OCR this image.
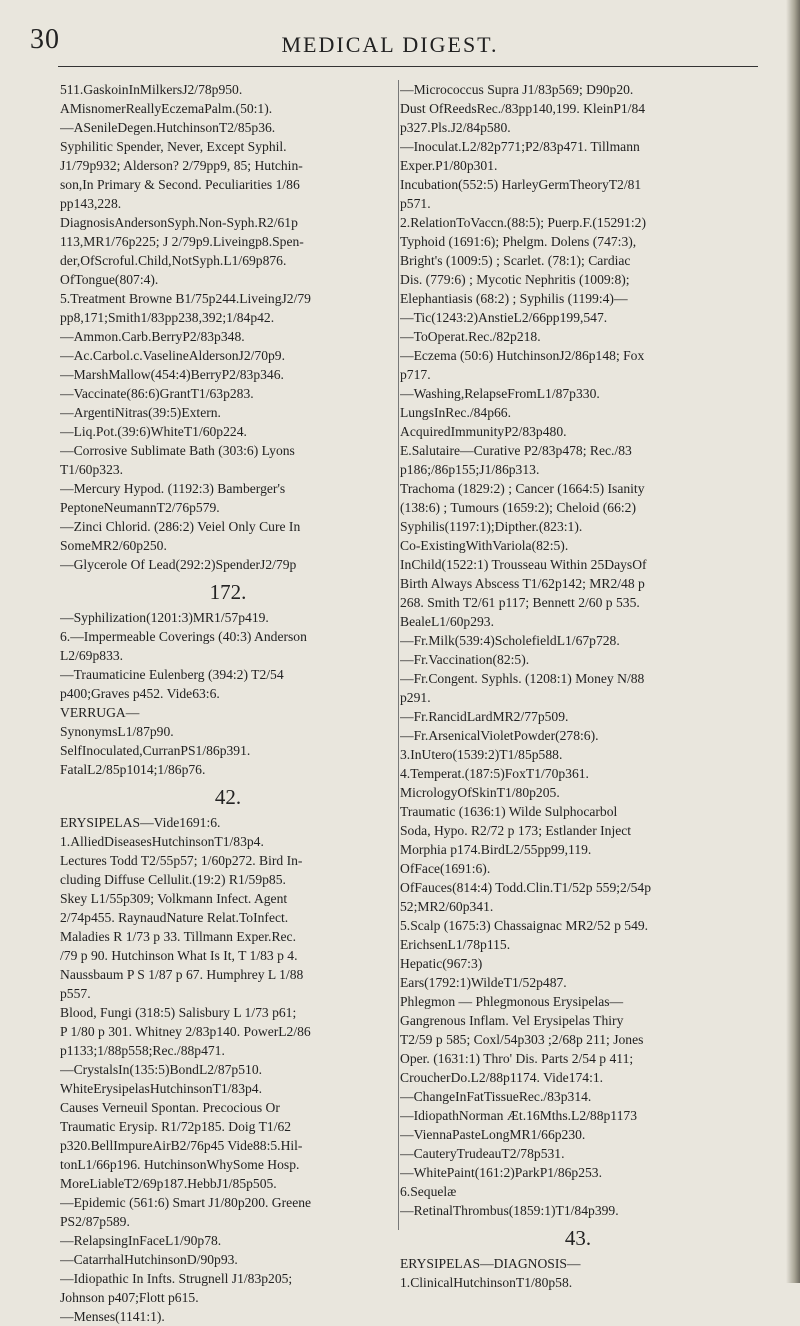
30	MEDICAL DIGEST.
511.GaskoinInMilkersJ2/78p950.
AMisnomerReallyEczemaPalm.(50:1).
—ASenileDegen.HutchinsonT2/85p36.
Syphilitic Spender, Never, Except Syphil.
J1/79p932; Alderson? 2/79pp9, 85; Hutchin-
son,In Primary & Second. Peculiarities 1/86
pp143,228.
DiagnosisAndersonSyph.Non-Syph.R2/61p
113,MR1/76p225; J 2/79p9.Liveingp8.Spen-
der,OfScroful.Child,NotSyph.L1/69p876.
OfTongue(807:4).
5.Treatment Browne B1/75p244.LiveingJ2/79
pp8,171;Smith1/83pp238,392;1/84p42.
—Ammon.Carb.BerryP2/83p348.
—Ac.Carbol.c.VaselineAldersonJ2/70p9.
—MarshMallow(454:4)BerryP2/83p346.
—Vaccinate(86:6)GrantT1/63p283.
—ArgentiNitras(39:5)Extern.
—Liq.Pot.(39:6)WhiteT1/60p224.
—Corrosive Sublimate Bath (303:6) Lyons
T1/60p323.
—Mercury Hypod. (1192:3) Bamberger's
PeptoneNeumannT2/76p579.
—Zinci Chlorid. (286:2) Veiel Only Cure In
SomeMR2/60p250.
—Glycerole Of Lead(292:2)SpenderJ2/79p
172.
—Syphilization(1201:3)MR1/57p419.
6.—Impermeable Coverings (40:3) Anderson
L2/69p833.
—Traumaticine Eulenberg (394:2) T2/54
p400;Graves p452. Vide63:6.
VERRUGA—
SynonymsL1/87p90.
SelfInoculated,CurranPS1/86p391.
FatalL2/85p1014;1/86p76.
42.
ERYSIPELAS—Vide1691:6.
1.AlliedDiseasesHutchinsonT1/83p4.
Lectures Todd T2/55p57; 1/60p272. Bird In-
cluding Diffuse Cellulit.(19:2) R1/59p85.
Skey L1/55p309; Volkmann Infect. Agent
2/74p455. RaynaudNature Relat.ToInfect.
Maladies R 1/73 p 33. Tillmann Exper.Rec.
/79 p 90. Hutchinson What Is It, T 1/83 p 4.
Naussbaum P S 1/87 p 67. Humphrey L 1/88
p557.
Blood, Fungi (318:5) Salisbury L 1/73 p61;
P 1/80 p 301. Whitney 2/83p140. PowerL2/86
p1133;1/88p558;Rec./88p471.
—CrystalsIn(135:5)BondL2/87p510.
WhiteErysipelasHutchinsonT1/83p4.
Causes Verneuil Spontan. Precocious Or
Traumatic Erysip. R1/72p185. Doig T1/62
p320.BellImpureAirB2/76p45 Vide88:5.Hil-
tonL1/66p196. HutchinsonWhySome Hosp.
MoreLiableT2/69p187.HebbJ1/85p505.
—Epidemic (561:6) Smart J1/80p200. Greene
PS2/87p589.
—RelapsingInFaceL1/90p78.
—CatarrhalHutchinsonD/90p93.
—Idiopathic In Infts. Strugnell J1/83p205;
Johnson p407;Flott p615.
—Menses(1141:1).
—Micrococcus Supra J1/83p569; D90p20.
Dust OfReedsRec./83pp140,199. KleinP1/84
p327.Pls.J2/84p580.
—Inoculat.L2/82p771;P2/83p471. Tillmann
Exper.P1/80p301.
Incubation(552:5) HarleyGermTheoryT2/81
p571.
2.RelationToVaccn.(88:5); Puerp.F.(15291:2)
Typhoid (1691:6); Phelgm. Dolens (747:3),
Bright's (1009:5) ; Scarlet. (78:1); Cardiac
Dis. (779:6) ; Mycotic Nephritis (1009:8);
Elephantiasis (68:2) ; Syphilis (1199:4)—
—Tic(1243:2)AnstieL2/66pp199,547.
—ToOperat.Rec./82p218.
—Eczema (50:6) HutchinsonJ2/86p148; Fox
p717.
—Washing,RelapseFromL1/87p330.
LungsInRec./84p66.
AcquiredImmunityP2/83p480.
E.Salutaire—Curative P2/83p478; Rec./83
p186;/86p155;J1/86p313.
Trachoma (1829:2) ; Cancer (1664:5) Isanity
(138:6) ; Tumours (1659:2); Cheloid (66:2)
Syphilis(1197:1);Dipther.(823:1).
Co-ExistingWithVariola(82:5).
InChild(1522:1) Trousseau Within 25DaysOf
Birth Always Abscess T1/62p142; MR2/48 p
268. Smith T2/61 p117; Bennett 2/60 p 535.
BealeL1/60p293.
—Fr.Milk(539:4)ScholefieldL1/67p728.
—Fr.Vaccination(82:5).
—Fr.Congent. Syphls. (1208:1) Money N/88
p291.
—Fr.RancidLardMR2/77p509.
—Fr.ArsenicalVioletPowder(278:6).
3.InUtero(1539:2)T1/85p588.
4.Temperat.(187:5)FoxT1/70p361.
MicrologyOfSkinT1/80p205.
Traumatic (1636:1) Wilde Sulphocarbol
Soda, Hypo. R2/72 p 173; Estlander Inject
Morphia p174.BirdL2/55pp99,119.
OfFace(1691:6).
OfFauces(814:4) Todd.Clin.T1/52p 559;2/54p
52;MR2/60p341.
5.Scalp (1675:3) Chassaignac MR2/52 p 549.
ErichsenL1/78p115.
Hepatic(967:3)
Ears(1792:1)WildeT1/52p487.
Phlegmon — Phlegmonous Erysipelas—
Gangrenous Inflam. Vel Erysipelas Thiry
T2/59 p 585; Coxl/54p303 ;2/68p 211; Jones
Oper. (1631:1) Thro' Dis. Parts 2/54 p 411;
CroucherDo.L2/88p1174. Vide174:1.
—ChangeInFatTissueRec./83p314.
—IdiopathNorman Æt.16Mths.L2/88p1173
—ViennaPasteLongMR1/66p230.
—CauteryTrudeauT2/78p531.
—WhitePaint(161:2)ParkP1/86p253.
6.Sequelæ
—RetinalThrombus(1859:1)T1/84p399.
43.
ERYSIPELAS—DIAGNOSIS—
1.ClinicalHutchinsonT1/80p58.
